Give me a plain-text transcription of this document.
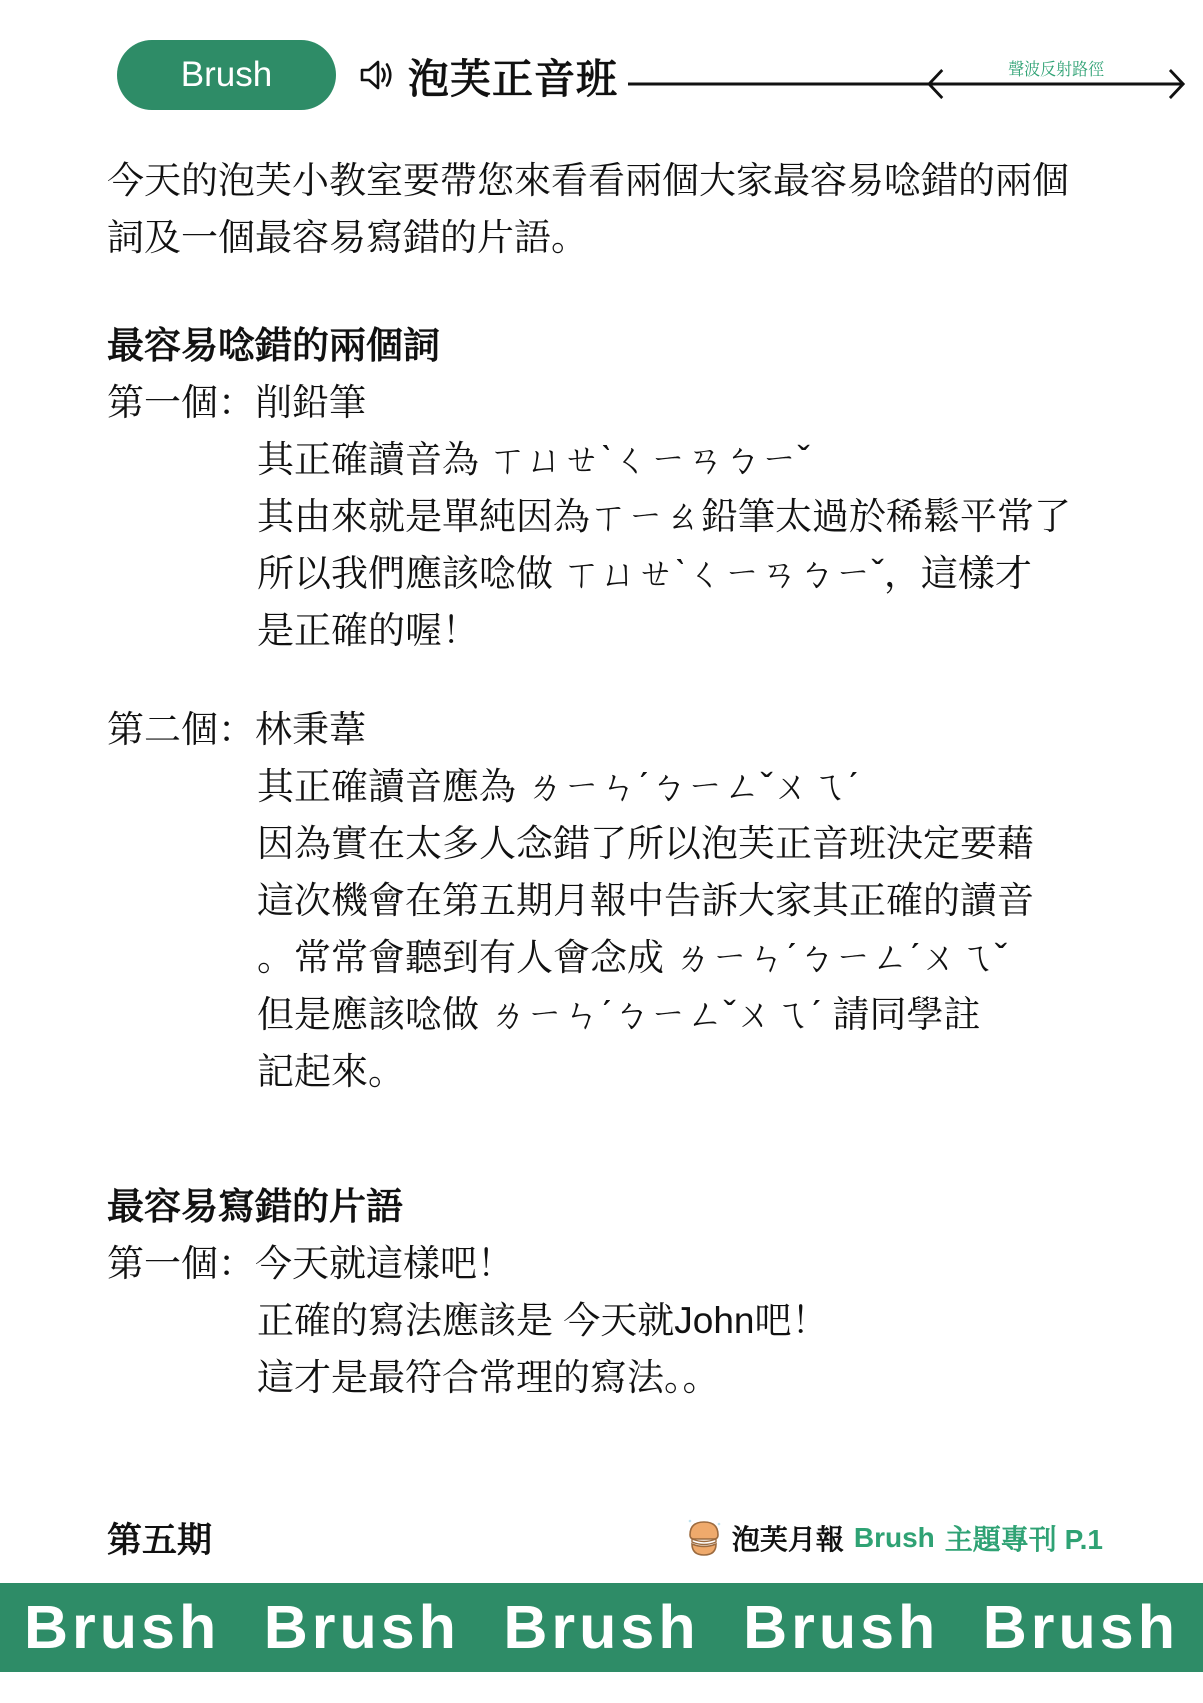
Brush	泡芙正音班	聲波反射路徑
今天的泡芙小教室要帶您來看看兩個大家最容易唸錯的兩個
詞及一個最容易寫錯的片語。
最容易唸錯的兩個詞
第一個：削鉛筆
其正確讀音為 ㄒㄩㄝˋㄑㄧㄢㄅㄧˇ
其由來就是單純因為ㄒㄧㄠ鉛筆太過於稀鬆平常了
所以我們應該唸做 ㄒㄩㄝˋㄑㄧㄢㄅㄧˇ，這樣才
是正確的喔！
第二個：林秉葦
其正確讀音應為 ㄌㄧㄣˊㄅㄧㄥˇㄨㄟˊ
因為實在太多人念錯了所以泡芙正音班決定要藉
這次機會在第五期月報中告訴大家其正確的讀音
。常常會聽到有人會念成 ㄌㄧㄣˊㄅㄧㄥˊㄨㄟˇ
但是應該唸做 ㄌㄧㄣˊㄅㄧㄥˇㄨㄟˊ 請同學註
記起來。
最容易寫錯的片語
第一個：今天就這樣吧！
正確的寫法應該是 今天就John吧！
這才是最符合常理的寫法。。
第五期	泡芙月報 Brush 主題專刊 P.1
Brush Brush Brush Brush Brush
